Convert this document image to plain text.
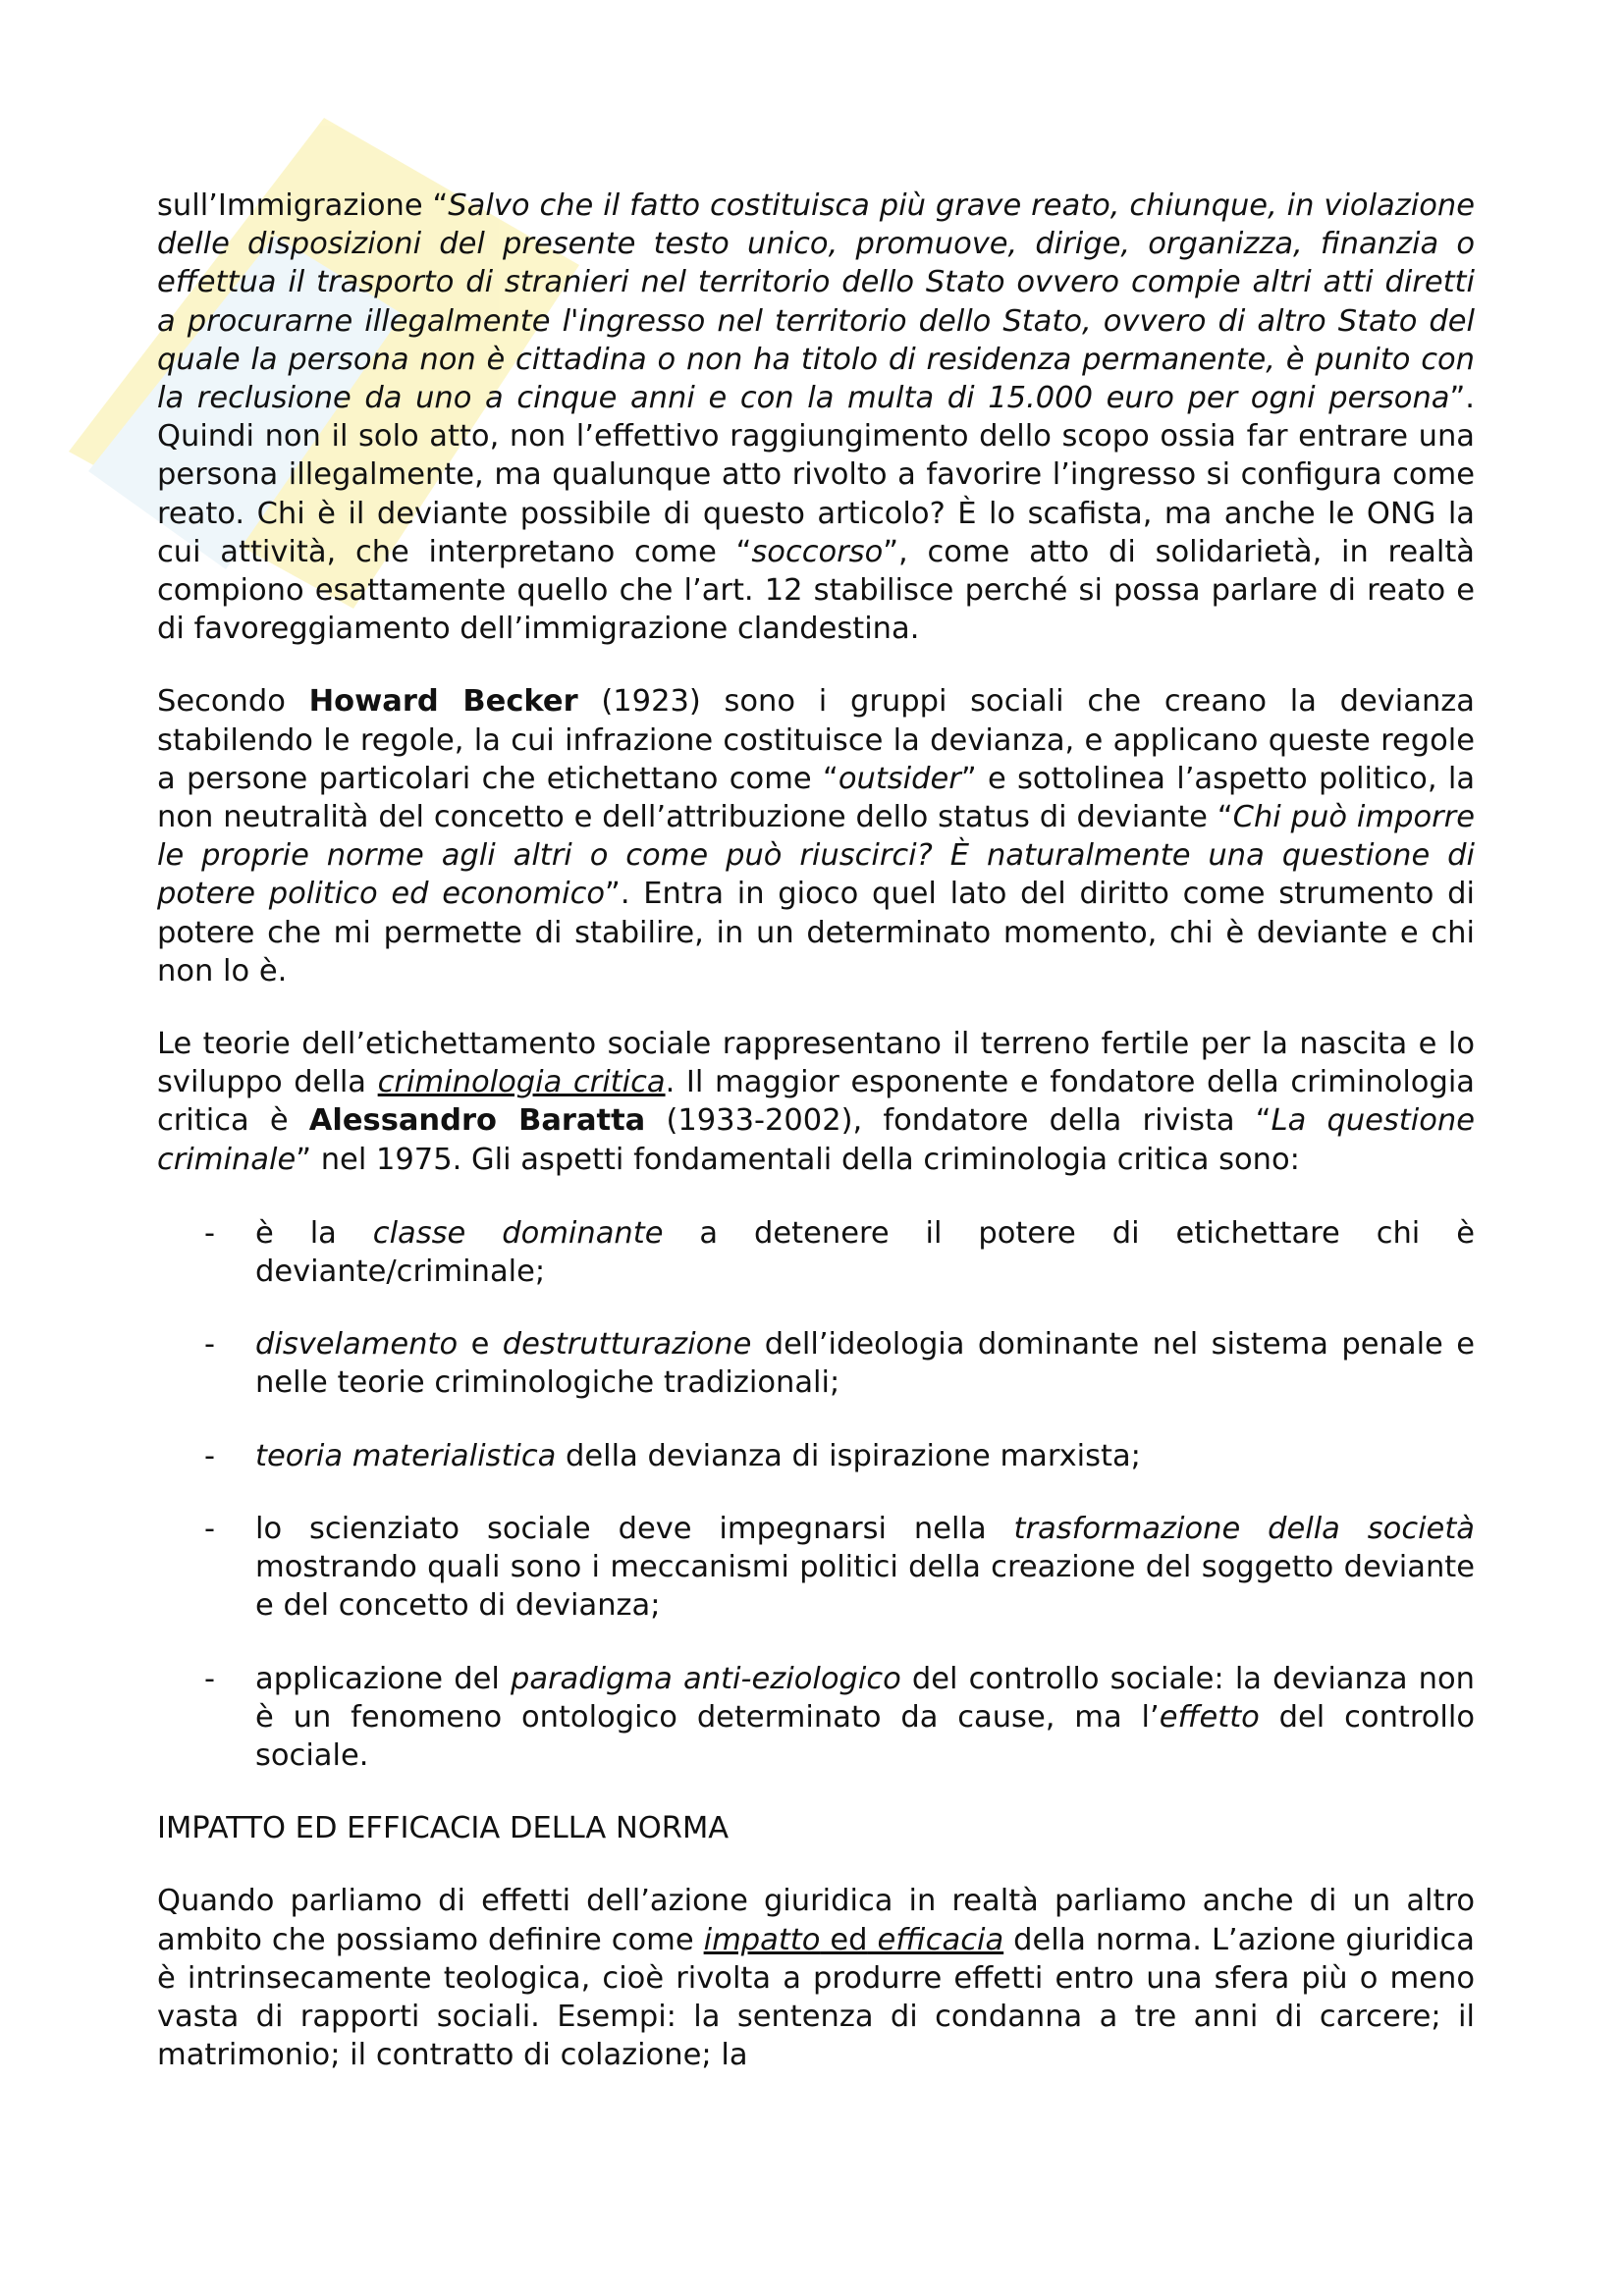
sull’Immigrazione “Salvo che il fatto costituisca più grave reato, chiunque, in violazione delle disposizioni del presente testo unico, promuove, dirige, organizza, finanzia o effettua il trasporto di stranieri nel territorio dello Stato ovvero compie altri atti diretti a procurarne illegalmente l'ingresso nel territorio dello Stato, ovvero di altro Stato del quale la persona non è cittadina o non ha titolo di residenza permanente, è punito con la reclusione da uno a cinque anni e con la multa di 15.000 euro per ogni persona”. Quindi non il solo atto, non l’effettivo raggiungimento dello scopo ossia far entrare una persona illegalmente, ma qualunque atto rivolto a favorire l’ingresso si configura come reato. Chi è il deviante possibile di questo articolo? È lo scafista, ma anche le ONG la cui attività, che interpretano come “soccorso”, come atto di solidarietà, in realtà compiono esattamente quello che l’art. 12 stabilisce perché si possa parlare di reato e di favoreggiamento dell’immigrazione clandestina.

Secondo Howard Becker (1923) sono i gruppi sociali che creano la devianza stabilendo le regole, la cui infrazione costituisce la devianza, e applicano queste regole a persone particolari che etichettano come “outsider” e sottolinea l’aspetto politico, la non neutralità del concetto e dell’attribuzione dello status di deviante “Chi può imporre le proprie norme agli altri o come può riuscirci? È naturalmente una questione di potere politico ed economico”. Entra in gioco quel lato del diritto come strumento di potere che mi permette di stabilire, in un determinato momento, chi è deviante e chi non lo è.

Le teorie dell’etichettamento sociale rappresentano il terreno fertile per la nascita e lo sviluppo della criminologia critica. Il maggior esponente e fondatore della criminologia critica è Alessandro Baratta (1933-2002), fondatore della rivista “La questione criminale” nel 1975. Gli aspetti fondamentali della criminologia critica sono:

- è la classe dominante a detenere il potere di etichettare chi è deviante/criminale;
- disvelamento e destrutturazione dell’ideologia dominante nel sistema penale e nelle teorie criminologiche tradizionali;
- teoria materialistica della devianza di ispirazione marxista;
- lo scienziato sociale deve impegnarsi nella trasformazione della società mostrando quali sono i meccanismi politici della creazione del soggetto deviante e del concetto di devianza;
- applicazione del paradigma anti-eziologico del controllo sociale: la devianza non è un fenomeno ontologico determinato da cause, ma l’effetto del controllo sociale.

IMPATTO ED EFFICACIA DELLA NORMA

Quando parliamo di effetti dell’azione giuridica in realtà parliamo anche di un altro ambito che possiamo definire come impatto ed efficacia della norma. L’azione giuridica è intrinsecamente teologica, cioè rivolta a produrre effetti entro una sfera più o meno vasta di rapporti sociali. Esempi: la sentenza di condanna a tre anni di carcere; il matrimonio; il contratto di colazione; la
